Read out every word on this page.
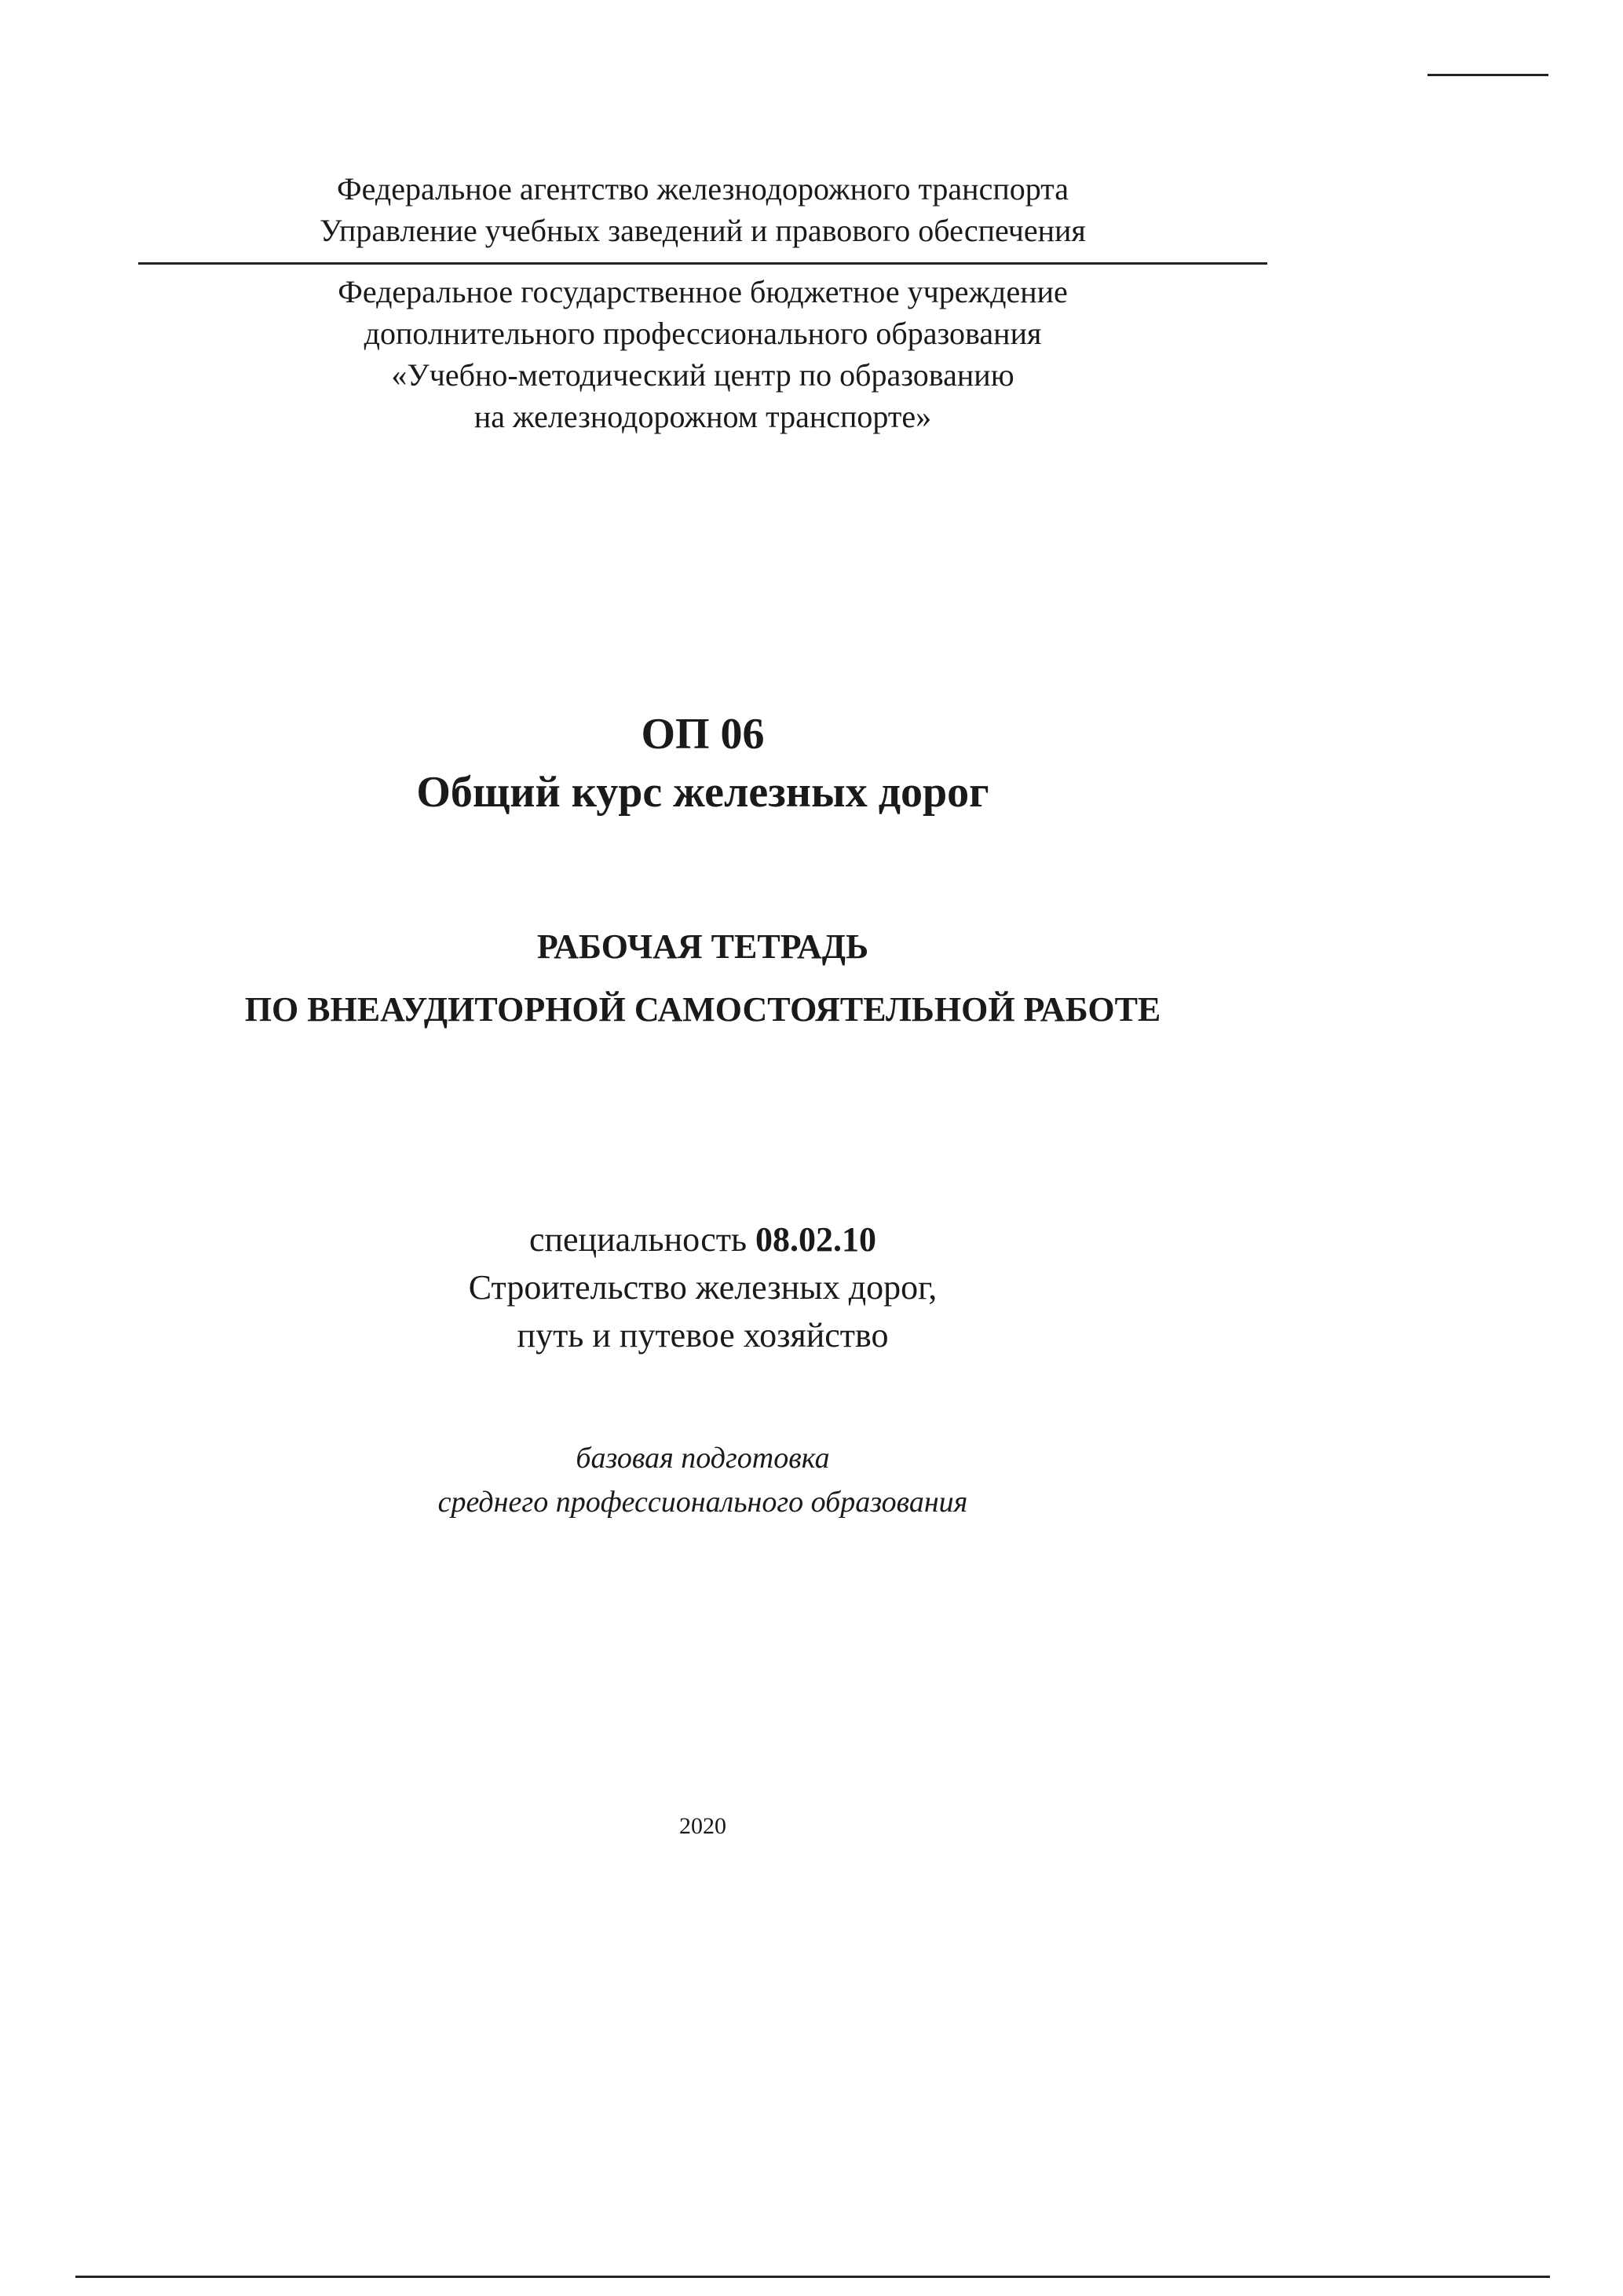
Федеральное агентство железнодорожного транспорта
Управление учебных заведений и правового обеспечения
Федеральное государственное бюджетное учреждение
дополнительного профессионального образования
«Учебно-методический центр по образованию
на железнодорожном транспорте»
ОП 06
Общий курс железных дорог
РАБОЧАЯ ТЕТРАДЬ
ПО ВНЕАУДИТОРНОЙ САМОСТОЯТЕЛЬНОЙ РАБОТЕ
специальность 08.02.10
Строительство железных дорог,
путь и путевое хозяйство
базовая подготовка
среднего профессионального образования
2020
